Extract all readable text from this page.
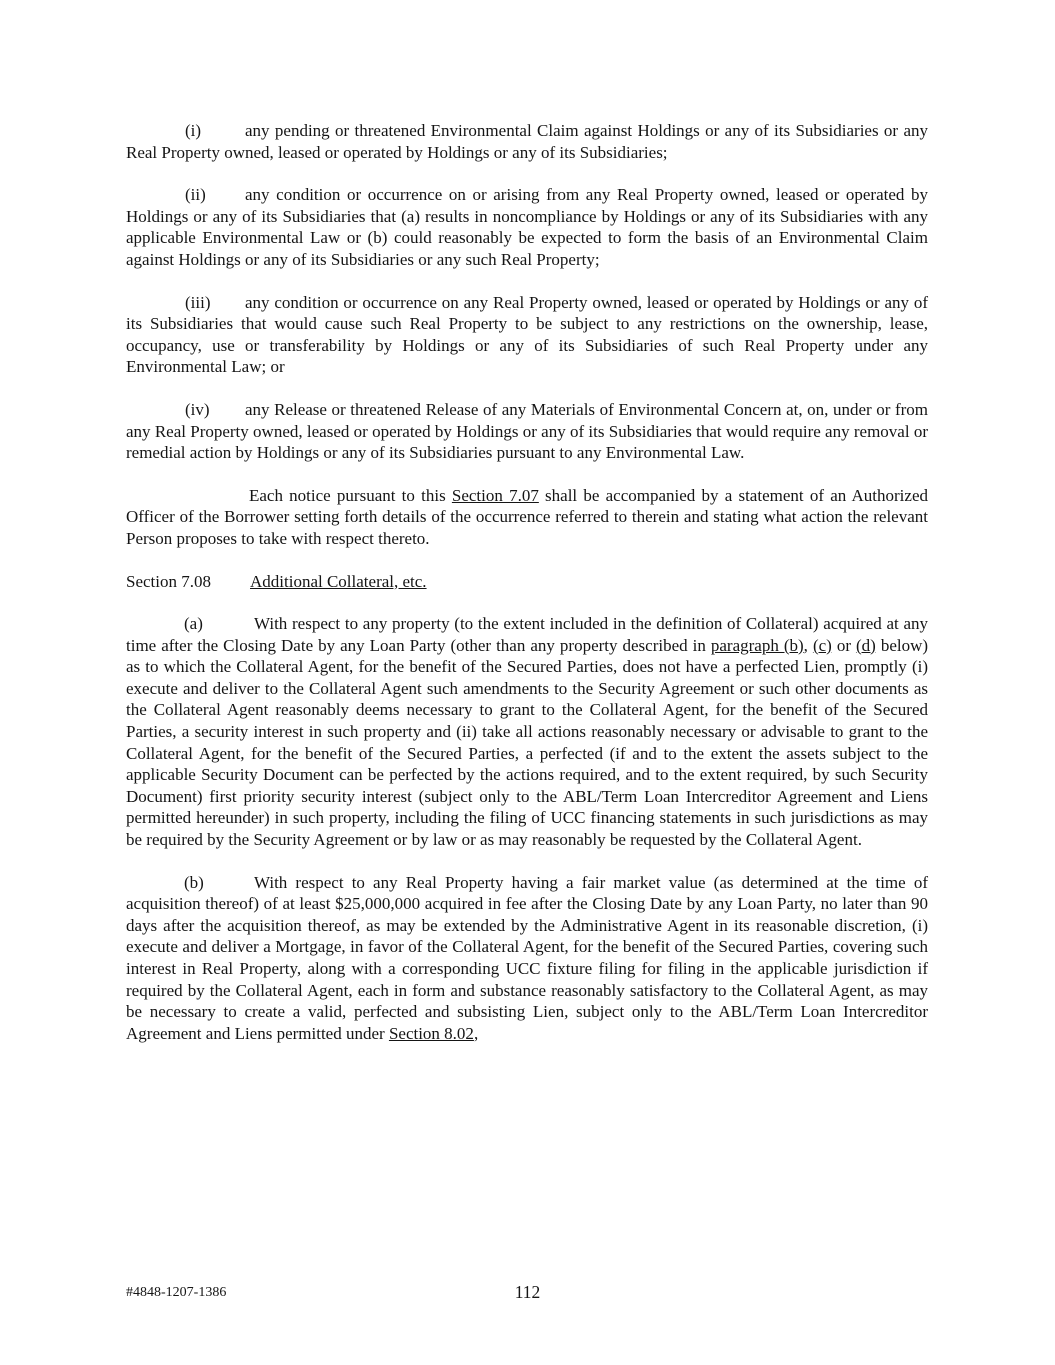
(i)	any pending or threatened Environmental Claim against Holdings or any of its Subsidiaries or any Real Property owned, leased or operated by Holdings or any of its Subsidiaries;

(ii) any condition or occurrence on or arising from any Real Property owned, leased or operated by Holdings or any of its Subsidiaries that (a) results in noncompliance by Holdings or any of its Subsidiaries with any applicable Environmental Law or (b) could reasonably be expected to form the basis of an Environmental Claim against Holdings or any of its Subsidiaries or any such Real Property;

(iii) any condition or occurrence on any Real Property owned, leased or operated by Holdings or any of its Subsidiaries that would cause such Real Property to be subject to any restrictions on the ownership, lease, occupancy, use or transferability by Holdings or any of its Subsidiaries of such Real Property under any Environmental Law; or

(iv) any Release or threatened Release of any Materials of Environmental Concern at, on, under or from any Real Property owned, leased or operated by Holdings or any of its Subsidiaries that would require any removal or remedial action by Holdings or any of its Subsidiaries pursuant to any Environmental Law.

Each notice pursuant to this Section 7.07 shall be accompanied by a statement of an Authorized Officer of the Borrower setting forth details of the occurrence referred to therein and stating what action the relevant Person proposes to take with respect thereto.

Section 7.08 Additional Collateral, etc.

(a)	With respect to any property (to the extent included in the definition of Collateral) acquired at any time after the Closing Date by any Loan Party (other than any property described in paragraph (b), (c) or (d) below) as to which the Collateral Agent, for the benefit of the Secured Parties, does not have a perfected Lien, promptly (i) execute and deliver to the Collateral Agent such amendments to the Security Agreement or such other documents as the Collateral Agent reasonably deems necessary to grant to the Collateral Agent, for the benefit of the Secured Parties, a security interest in such property and (ii) take all actions reasonably necessary or advisable to grant to the Collateral Agent, for the benefit of the Secured Parties, a perfected (if and to the extent the assets subject to the applicable Security Document can be perfected by the actions required, and to the extent required, by such Security Document) first priority security interest (subject only to the ABL/Term Loan Intercreditor Agreement and Liens permitted hereunder) in such property, including the filing of UCC financing statements in such jurisdictions as may be required by the Security Agreement or by law or as may reasonably be requested by the Collateral Agent.

(b)	With respect to any Real Property having a fair market value (as determined at the time of acquisition thereof) of at least $25,000,000 acquired in fee after the Closing Date by any Loan Party, no later than 90 days after the acquisition thereof, as may be extended by the Administrative Agent in its reasonable discretion, (i) execute and deliver a Mortgage, in favor of the Collateral Agent, for the benefit of the Secured Parties, covering such interest in Real Property, along with a corresponding UCC fixture filing for filing in the applicable jurisdiction if required by the Collateral Agent, each in form and substance reasonably satisfactory to the Collateral Agent, as may be necessary to create a valid, perfected and subsisting Lien, subject only to the ABL/Term Loan Intercreditor Agreement and Liens permitted under Section 8.02,

#4848-1207-1386	112
